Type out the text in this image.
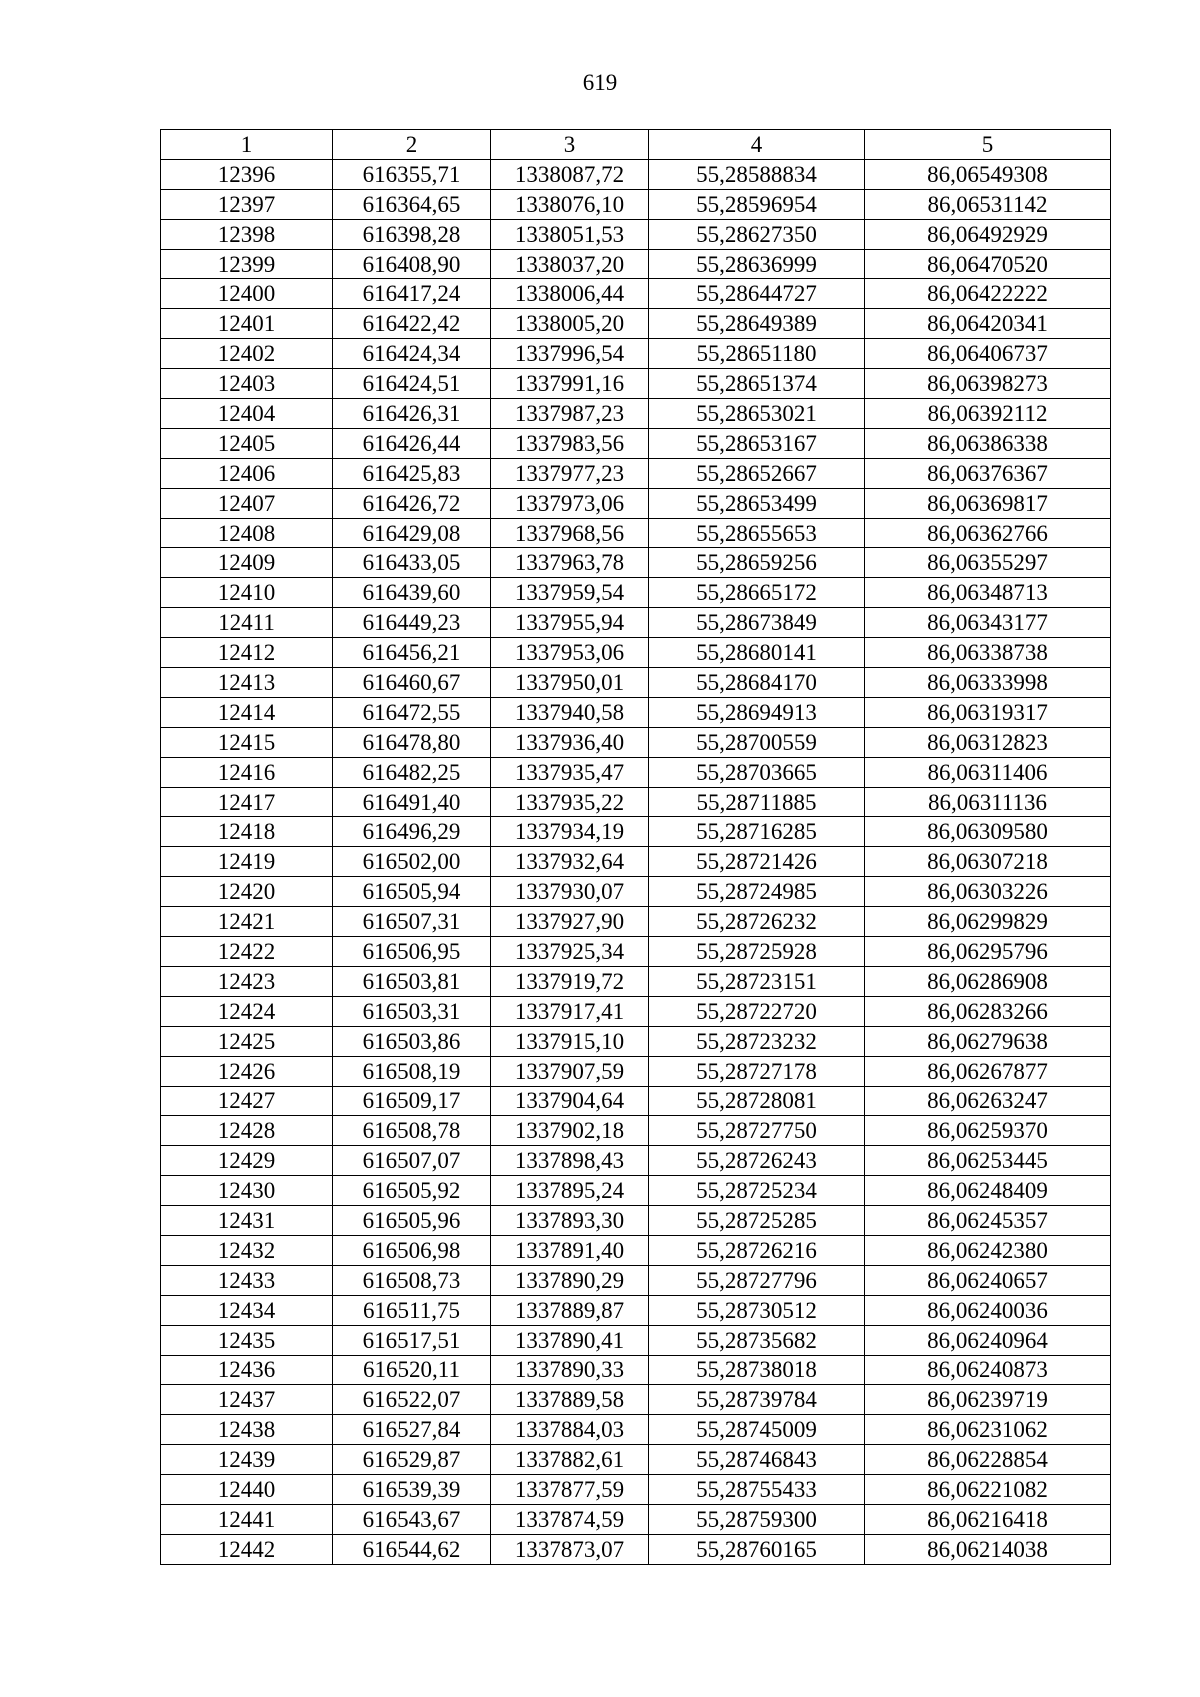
619
1	2	3	4	5
12396	616355,71	1338087,72	55,28588834	86,06549308
12397	616364,65	1338076,10	55,28596954	86,06531142
12398	616398,28	1338051,53	55,28627350	86,06492929
12399	616408,90	1338037,20	55,28636999	86,06470520
12400	616417,24	1338006,44	55,28644727	86,06422222
12401	616422,42	1338005,20	55,28649389	86,06420341
12402	616424,34	1337996,54	55,28651180	86,06406737
12403	616424,51	1337991,16	55,28651374	86,06398273
12404	616426,31	1337987,23	55,28653021	86,06392112
12405	616426,44	1337983,56	55,28653167	86,06386338
12406	616425,83	1337977,23	55,28652667	86,06376367
12407	616426,72	1337973,06	55,28653499	86,06369817
12408	616429,08	1337968,56	55,28655653	86,06362766
12409	616433,05	1337963,78	55,28659256	86,06355297
12410	616439,60	1337959,54	55,28665172	86,06348713
12411	616449,23	1337955,94	55,28673849	86,06343177
12412	616456,21	1337953,06	55,28680141	86,06338738
12413	616460,67	1337950,01	55,28684170	86,06333998
12414	616472,55	1337940,58	55,28694913	86,06319317
12415	616478,80	1337936,40	55,28700559	86,06312823
12416	616482,25	1337935,47	55,28703665	86,06311406
12417	616491,40	1337935,22	55,28711885	86,06311136
12418	616496,29	1337934,19	55,28716285	86,06309580
12419	616502,00	1337932,64	55,28721426	86,06307218
12420	616505,94	1337930,07	55,28724985	86,06303226
12421	616507,31	1337927,90	55,28726232	86,06299829
12422	616506,95	1337925,34	55,28725928	86,06295796
12423	616503,81	1337919,72	55,28723151	86,06286908
12424	616503,31	1337917,41	55,28722720	86,06283266
12425	616503,86	1337915,10	55,28723232	86,06279638
12426	616508,19	1337907,59	55,28727178	86,06267877
12427	616509,17	1337904,64	55,28728081	86,06263247
12428	616508,78	1337902,18	55,28727750	86,06259370
12429	616507,07	1337898,43	55,28726243	86,06253445
12430	616505,92	1337895,24	55,28725234	86,06248409
12431	616505,96	1337893,30	55,28725285	86,06245357
12432	616506,98	1337891,40	55,28726216	86,06242380
12433	616508,73	1337890,29	55,28727796	86,06240657
12434	616511,75	1337889,87	55,28730512	86,06240036
12435	616517,51	1337890,41	55,28735682	86,06240964
12436	616520,11	1337890,33	55,28738018	86,06240873
12437	616522,07	1337889,58	55,28739784	86,06239719
12438	616527,84	1337884,03	55,28745009	86,06231062
12439	616529,87	1337882,61	55,28746843	86,06228854
12440	616539,39	1337877,59	55,28755433	86,06221082
12441	616543,67	1337874,59	55,28759300	86,06216418
12442	616544,62	1337873,07	55,28760165	86,06214038
